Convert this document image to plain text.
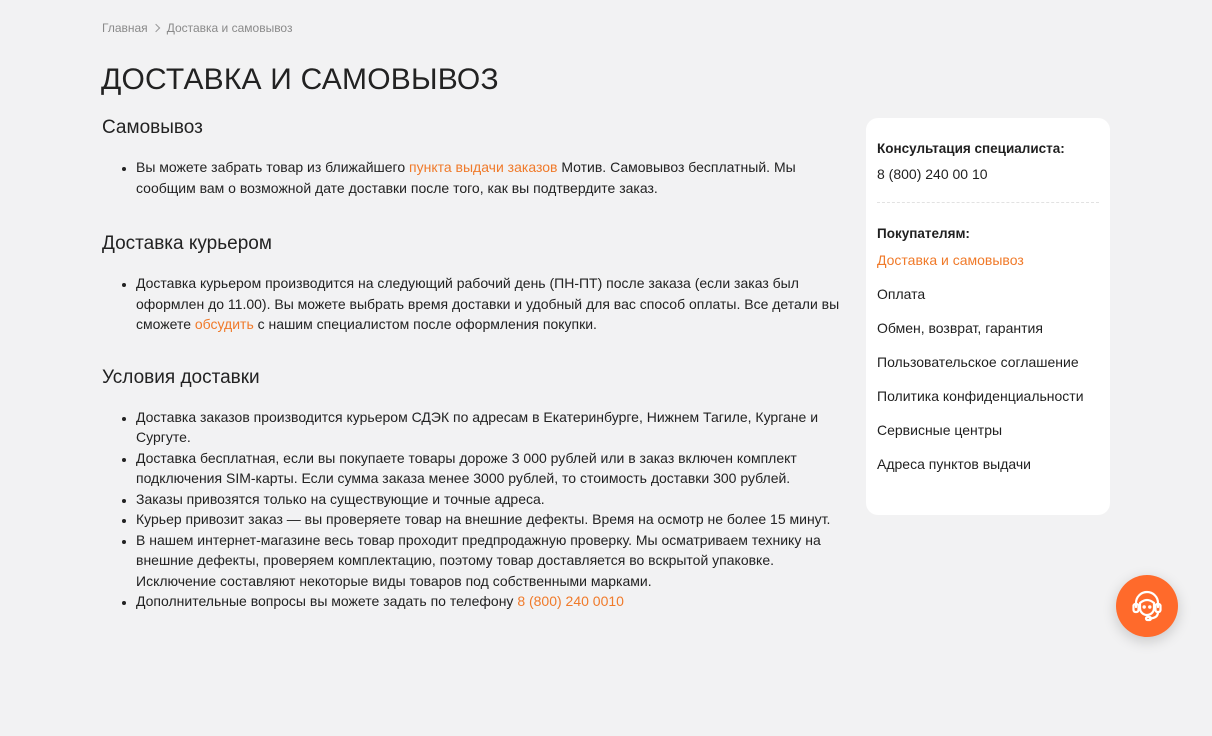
Главная Доставка и самовывоз
ДОСТАВКА И САМОВЫВОЗ
Самовывоз
• Вы можете забрать товар из ближайшего пункта выдачи заказов Мотив. Самовывоз бесплатный. Мы сообщим вам о возможной дате доставки после того, как вы подтвердите заказ.
Доставка курьером
• Доставка курьером производится на следующий рабочий день (ПН-ПТ) после заказа (если заказ был оформлен до 11.00). Вы можете выбрать время доставки и удобный для вас способ оплаты. Все детали вы сможете обсудить с нашим специалистом после оформления покупки.
Условия доставки
• Доставка заказов производится курьером СДЭК по адресам в Екатеринбурге, Нижнем Тагиле, Кургане и Сургуте.
• Доставка бесплатная, если вы покупаете товары дороже 3 000 рублей или в заказ включен комплект подключения SIM-карты. Если сумма заказа менее 3000 рублей, то стоимость доставки 300 рублей.
• Заказы привозятся только на существующие и точные адреса.
• Курьер привозит заказ — вы проверяете товар на внешние дефекты. Время на осмотр не более 15 минут.
• В нашем интернет-магазине весь товар проходит предпродажную проверку. Мы осматриваем технику на внешние дефекты, проверяем комплектацию, поэтому товар доставляется во вскрытой упаковке. Исключение составляют некоторые виды товаров под собственными марками.
• Дополнительные вопросы вы можете задать по телефону 8 (800) 240 0010
Консультация специалиста:
8 (800) 240 00 10
Покупателям:
Доставка и самовывоз
Оплата
Обмен, возврат, гарантия
Пользовательское соглашение
Политика конфиденциальности
Сервисные центры
Адреса пунктов выдачи
